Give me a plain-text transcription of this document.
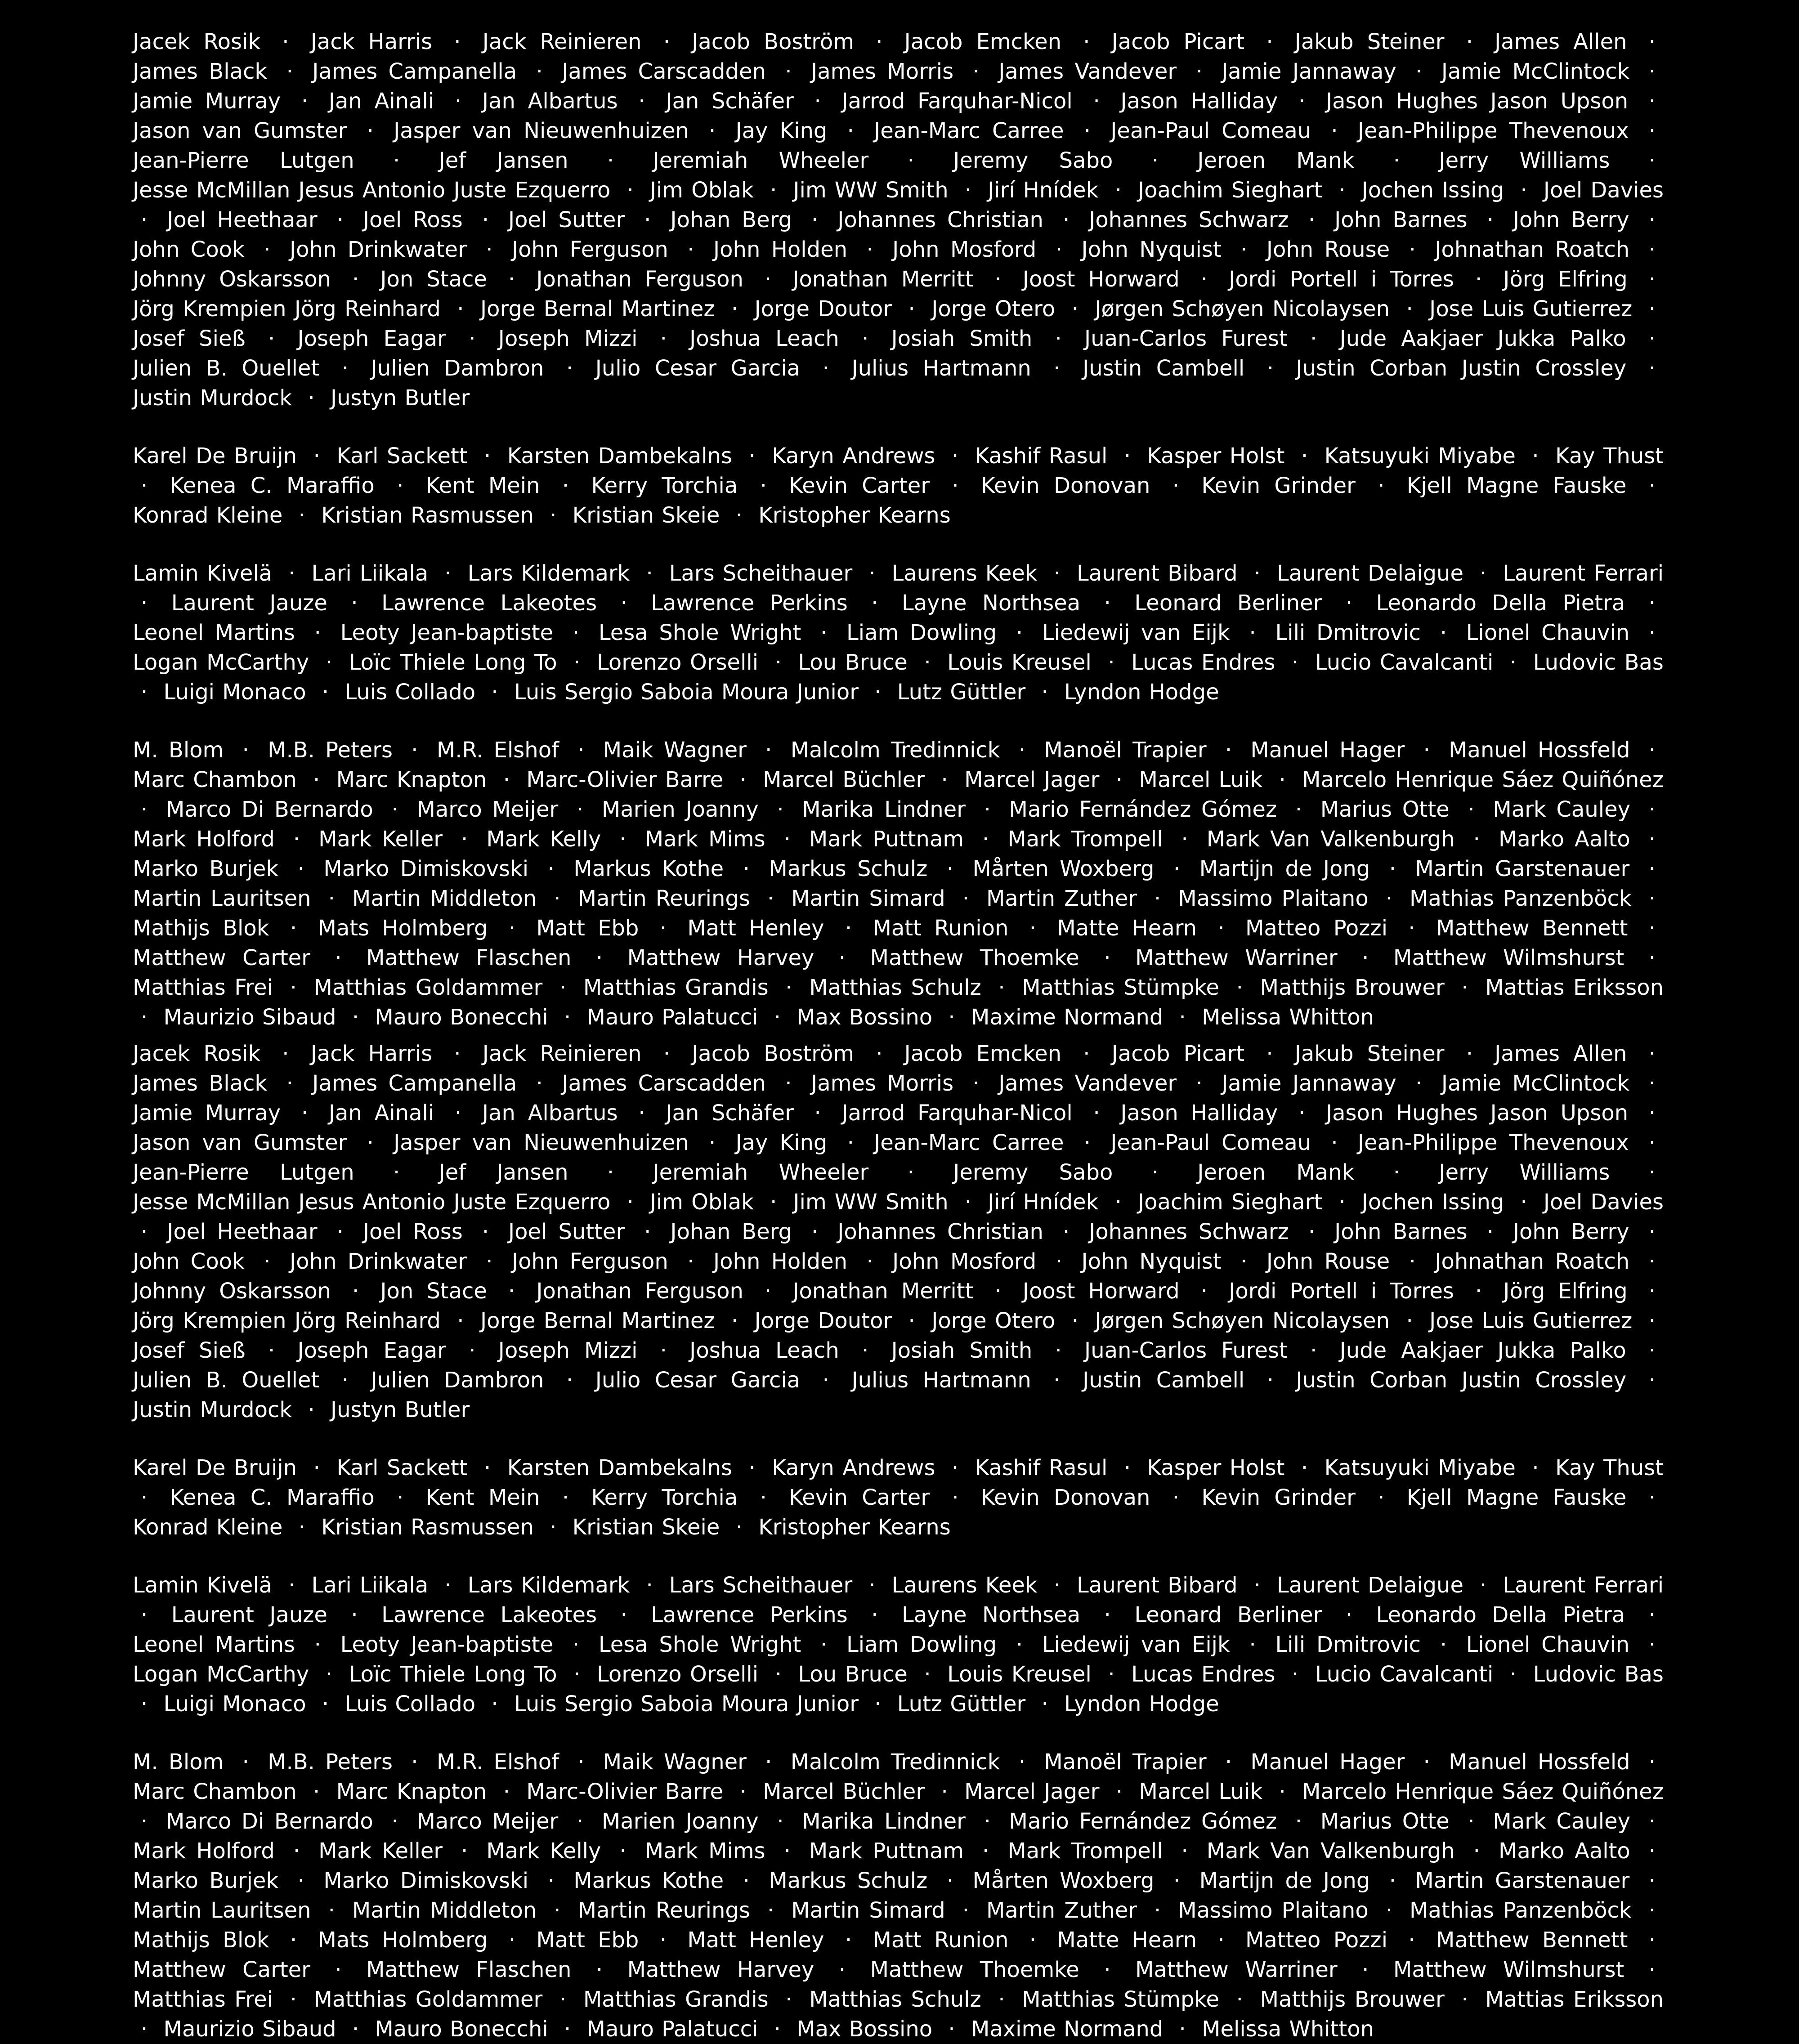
Jacek Rosik · Jack Harris · Jack Reinieren · Jacob Boström · Jacob Emcken · Jacob Picart · Jakub Steiner · James Allen · James Black · James Campanella · James Carscadden · James Morris · James Vandever · Jamie Jannaway · Jamie McClintock · Jamie Murray · Jan Ainali · Jan Albartus · Jan Schäfer · Jarrod Farquhar-Nicol · Jason Halliday · Jason Hughes Jason Upson · Jason van Gumster · Jasper van Nieuwenhuizen · Jay King · Jean-Marc Carree · Jean-Paul Comeau · Jean-Philippe Thevenoux · Jean-Pierre Lutgen · Jef Jansen · Jeremiah Wheeler · Jeremy Sabo · Jeroen Mank · Jerry Williams · Jesse McMillan Jesus Antonio Juste Ezquerro · Jim Oblak · Jim WW Smith · Jirí Hnídek · Joachim Sieghart · Jochen Issing · Joel Davies · Joel Heethaar · Joel Ross · Joel Sutter · Johan Berg · Johannes Christian · Johannes Schwarz · John Barnes · John Berry · John Cook · John Drinkwater · John Ferguson · John Holden · John Mosford · John Nyquist · John Rouse · Johnathan Roatch · Johnny Oskarsson · Jon Stace · Jonathan Ferguson · Jonathan Merritt · Joost Horward · Jordi Portell i Torres · Jörg Elfring · Jörg Krempien Jörg Reinhard · Jorge Bernal Martinez · Jorge Doutor · Jorge Otero · Jørgen Schøyen Nicolaysen · Jose Luis Gutierrez · Josef Sieß · Joseph Eagar · Joseph Mizzi · Joshua Leach · Josiah Smith · Juan-Carlos Furest · Jude Aakjaer Jukka Palko · Julien B. Ouellet · Julien Dambron · Julio Cesar Garcia · Julius Hartmann · Justin Cambell · Justin Corban Justin Crossley · Justin Murdock · Justyn Butler

Karel De Bruijn · Karl Sackett · Karsten Dambekalns · Karyn Andrews · Kashif Rasul · Kasper Holst · Katsuyuki Miyabe · Kay Thust · Kenea C. Maraffio · Kent Mein · Kerry Torchia · Kevin Carter · Kevin Donovan · Kevin Grinder · Kjell Magne Fauske · Konrad Kleine · Kristian Rasmussen · Kristian Skeie · Kristopher Kearns

Lamin Kivelä · Lari Liikala · Lars Kildemark · Lars Scheithauer · Laurens Keek · Laurent Bibard · Laurent Delaigue · Laurent Ferrari · Laurent Jauze · Lawrence Lakeotes · Lawrence Perkins · Layne Northsea · Leonard Berliner · Leonardo Della Pietra · Leonel Martins · Leoty Jean-baptiste · Lesa Shole Wright · Liam Dowling · Liedewij van Eijk · Lili Dmitrovic · Lionel Chauvin · Logan McCarthy · Loïc Thiele Long To · Lorenzo Orselli · Lou Bruce · Louis Kreusel · Lucas Endres · Lucio Cavalcanti · Ludovic Bas · Luigi Monaco · Luis Collado · Luis Sergio Saboia Moura Junior · Lutz Güttler · Lyndon Hodge

M. Blom · M.B. Peters · M.R. Elshof · Maik Wagner · Malcolm Tredinnick · Manoël Trapier · Manuel Hager · Manuel Hossfeld · Marc Chambon · Marc Knapton · Marc-Olivier Barre · Marcel Büchler · Marcel Jager · Marcel Luik · Marcelo Henrique Sáez Quiñónez · Marco Di Bernardo · Marco Meijer · Marien Joanny · Marika Lindner · Mario Fernández Gómez · Marius Otte · Mark Cauley · Mark Holford · Mark Keller · Mark Kelly · Mark Mims · Mark Puttnam · Mark Trompell · Mark Van Valkenburgh · Marko Aalto · Marko Burjek · Marko Dimiskovski · Markus Kothe · Markus Schulz · Mårten Woxberg · Martijn de Jong · Martin Garstenauer · Martin Lauritsen · Martin Middleton · Martin Reurings · Martin Simard · Martin Zuther · Massimo Plaitano · Mathias Panzenböck · Mathijs Blok · Mats Holmberg · Matt Ebb · Matt Henley · Matt Runion · Matte Hearn · Matteo Pozzi · Matthew Bennett · Matthew Carter · Matthew Flaschen · Matthew Harvey · Matthew Thoemke · Matthew Warriner · Matthew Wilmshurst · Matthias Frei · Matthias Goldammer · Matthias Grandis · Matthias Schulz · Matthias Stümpke · Matthijs Brouwer · Mattias Eriksson · Maurizio Sibaud · Mauro Bonecchi · Mauro Palatucci · Max Bossino · Maxime Normand · Melissa Whitton

Jacek Rosik · Jack Harris · Jack Reinieren · Jacob Boström · Jacob Emcken · Jacob Picart · Jakub Steiner · James Allen · James Black · James Campanella · James Carscadden · James Morris · James Vandever · Jamie Jannaway · Jamie McClintock · Jamie Murray · Jan Ainali · Jan Albartus · Jan Schäfer · Jarrod Farquhar-Nicol · Jason Halliday · Jason Hughes Jason Upson · Jason van Gumster · Jasper van Nieuwenhuizen · Jay King · Jean-Marc Carree · Jean-Paul Comeau · Jean-Philippe Thevenoux · Jean-Pierre Lutgen · Jef Jansen · Jeremiah Wheeler · Jeremy Sabo · Jeroen Mank · Jerry Williams · Jesse McMillan Jesus Antonio Juste Ezquerro · Jim Oblak · Jim WW Smith · Jirí Hnídek · Joachim Sieghart · Jochen Issing · Joel Davies · Joel Heethaar · Joel Ross · Joel Sutter · Johan Berg · Johannes Christian · Johannes Schwarz · John Barnes · John Berry · John Cook · John Drinkwater · John Ferguson · John Holden · John Mosford · John Nyquist · John Rouse · Johnathan Roatch · Johnny Oskarsson · Jon Stace · Jonathan Ferguson · Jonathan Merritt · Joost Horward · Jordi Portell i Torres · Jörg Elfring · Jörg Krempien Jörg Reinhard · Jorge Bernal Martinez · Jorge Doutor · Jorge Otero · Jørgen Schøyen Nicolaysen · Jose Luis Gutierrez · Josef Sieß · Joseph Eagar · Joseph Mizzi · Joshua Leach · Josiah Smith · Juan-Carlos Furest · Jude Aakjaer Jukka Palko · Julien B. Ouellet · Julien Dambron · Julio Cesar Garcia · Julius Hartmann · Justin Cambell · Justin Corban Justin Crossley · Justin Murdock · Justyn Butler

Karel De Bruijn · Karl Sackett · Karsten Dambekalns · Karyn Andrews · Kashif Rasul · Kasper Holst · Katsuyuki Miyabe · Kay Thust · Kenea C. Maraffio · Kent Mein · Kerry Torchia · Kevin Carter · Kevin Donovan · Kevin Grinder · Kjell Magne Fauske · Konrad Kleine · Kristian Rasmussen · Kristian Skeie · Kristopher Kearns

Lamin Kivelä · Lari Liikala · Lars Kildemark · Lars Scheithauer · Laurens Keek · Laurent Bibard · Laurent Delaigue · Laurent Ferrari · Laurent Jauze · Lawrence Lakeotes · Lawrence Perkins · Layne Northsea · Leonard Berliner · Leonardo Della Pietra · Leonel Martins · Leoty Jean-baptiste · Lesa Shole Wright · Liam Dowling · Liedewij van Eijk · Lili Dmitrovic · Lionel Chauvin · Logan McCarthy · Loïc Thiele Long To · Lorenzo Orselli · Lou Bruce · Louis Kreusel · Lucas Endres · Lucio Cavalcanti · Ludovic Bas · Luigi Monaco · Luis Collado · Luis Sergio Saboia Moura Junior · Lutz Güttler · Lyndon Hodge

M. Blom · M.B. Peters · M.R. Elshof · Maik Wagner · Malcolm Tredinnick · Manoël Trapier · Manuel Hager · Manuel Hossfeld · Marc Chambon · Marc Knapton · Marc-Olivier Barre · Marcel Büchler · Marcel Jager · Marcel Luik · Marcelo Henrique Sáez Quiñónez · Marco Di Bernardo · Marco Meijer · Marien Joanny · Marika Lindner · Mario Fernández Gómez · Marius Otte · Mark Cauley · Mark Holford · Mark Keller · Mark Kelly · Mark Mims · Mark Puttnam · Mark Trompell · Mark Van Valkenburgh · Marko Aalto · Marko Burjek · Marko Dimiskovski · Markus Kothe · Markus Schulz · Mårten Woxberg · Martijn de Jong · Martin Garstenauer · Martin Lauritsen · Martin Middleton · Martin Reurings · Martin Simard · Martin Zuther · Massimo Plaitano · Mathias Panzenböck · Mathijs Blok · Mats Holmberg · Matt Ebb · Matt Henley · Matt Runion · Matte Hearn · Matteo Pozzi · Matthew Bennett · Matthew Carter · Matthew Flaschen · Matthew Harvey · Matthew Thoemke · Matthew Warriner · Matthew Wilmshurst · Matthias Frei · Matthias Goldammer · Matthias Grandis · Matthias Schulz · Matthias Stümpke · Matthijs Brouwer · Mattias Eriksson · Maurizio Sibaud · Mauro Bonecchi · Mauro Palatucci · Max Bossino · Maxime Normand · Melissa Whitton
